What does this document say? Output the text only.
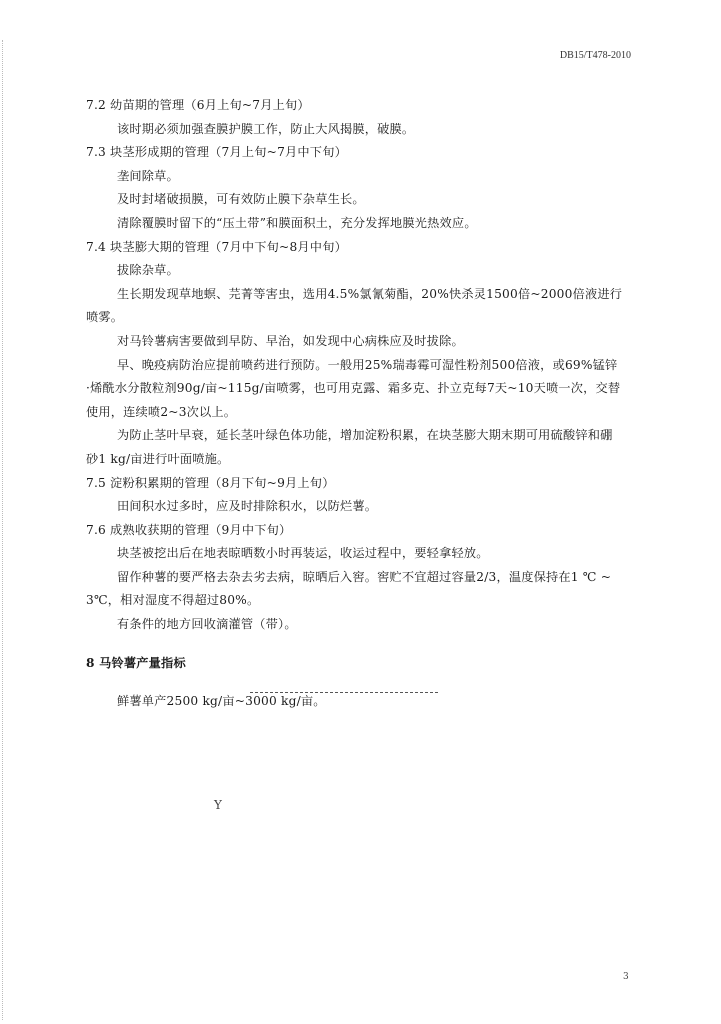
DB15/T478-2010
7.2 幼苗期的管理（6月上旬~7月上旬）
该时期必须加强查膜护膜工作，防止大风揭膜，破膜。
7.3 块茎形成期的管理（7月上旬~7月中下旬）
垄间除草。
及时封堵破损膜，可有效防止膜下杂草生长。
清除覆膜时留下的“压土带”和膜面积土，充分发挥地膜光热效应。
7.4 块茎膨大期的管理（7月中下旬~8月中旬）
拔除杂草。
生长期发现草地螟、芫菁等害虫，选用4.5%氯氰菊酯，20%快杀灵1500倍~2000倍液进行
喷雾。
对马铃薯病害要做到早防、早治，如发现中心病株应及时拔除。
早、晚疫病防治应提前喷药进行预防。一般用25%瑞毒霉可湿性粉剂500倍液，或69%锰锌
·烯酰水分散粒剂90g/亩~115g/亩喷雾，也可用克露、霜多克、扑立克每7天~10天喷一次，交替
使用，连续喷2~3次以上。
为防止茎叶早衰，延长茎叶绿色体功能，增加淀粉积累，在块茎膨大期末期可用硫酸锌和硼
砂1 kg/亩进行叶面喷施。
7.5 淀粉积累期的管理（8月下旬~9月上旬）
田间积水过多时，应及时排除积水，以防烂薯。
7.6 成熟收获期的管理（9月中下旬）
块茎被挖出后在地表晾晒数小时再装运，收运过程中，要轻拿轻放。
留作种薯的要严格去杂去劣去病，晾晒后入窖。窖贮不宜超过容量2/3，温度保持在1 ℃ ~
3℃，相对湿度不得超过80%。
有条件的地方回收滴灌管（带）。
8 马铃薯产量指标
鲜薯单产2500 kg/亩~3000 kg/亩。
Y
3
